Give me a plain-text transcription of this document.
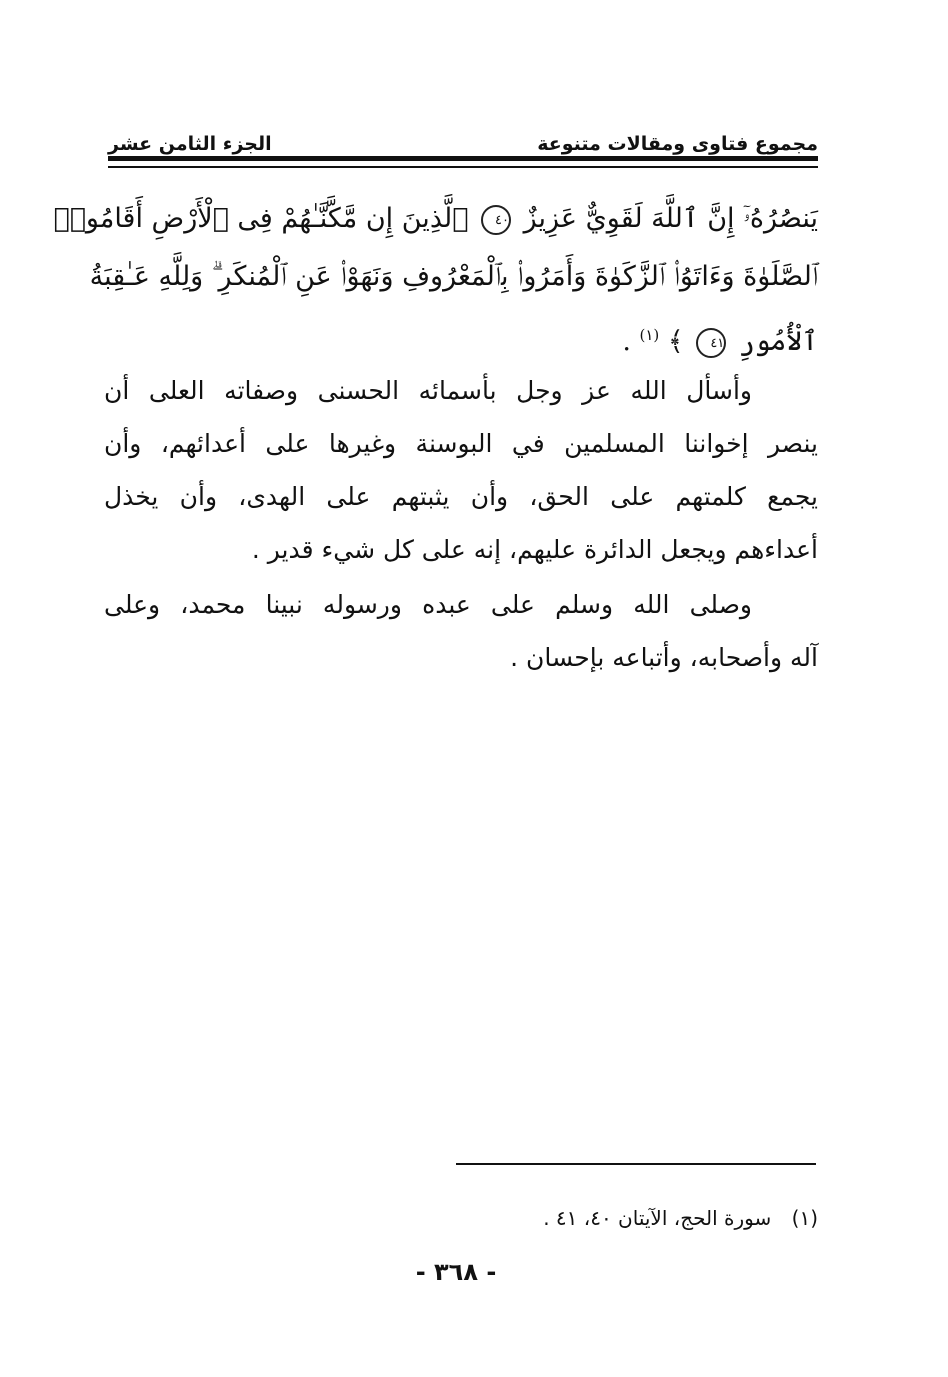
مجموع فتاوى ومقالات متنوعة
الجزء الثامن عشر
يَنصُرُهُۥٓ إِنَّ ٱللَّهَ لَقَوِيٌّ عَزِيزٌ ٤٠ ٱلَّذِينَ إِن مَّكَّنَّـٰهُمْ فِى ٱلْأَرْضِ أَقَامُوا۟
ٱلصَّلَوٰةَ وَءَاتَوُا۟ ٱلزَّكَوٰةَ وَأَمَرُوا۟ بِٱلْمَعْرُوفِ وَنَهَوْا۟ عَنِ ٱلْمُنكَرِ ۗ وَلِلَّهِ عَـٰقِبَةُ
ٱلْأُمُورِ ٤١ ﴾ $^{(١)}$ .
وأسأل الله عز وجل بأسمائه الحسنى وصفاته العلى أن
ينصر إخواننا المسلمين في البوسنة وغيرها على أعدائهم، وأن
يجمع كلمتهم على الحق، وأن يثبتهم على الهدى، وأن يخذل
أعداءهم ويجعل الدائرة عليهم، إنه على كل شيء قدير .
وصلى الله وسلم على عبده ورسوله نبينا محمد، وعلى
آله وأصحابه، وأتباعه بإحسان .
(١) سورة الحج، الآيتان ٤٠، ٤١ .
- ٣٦٨ -
